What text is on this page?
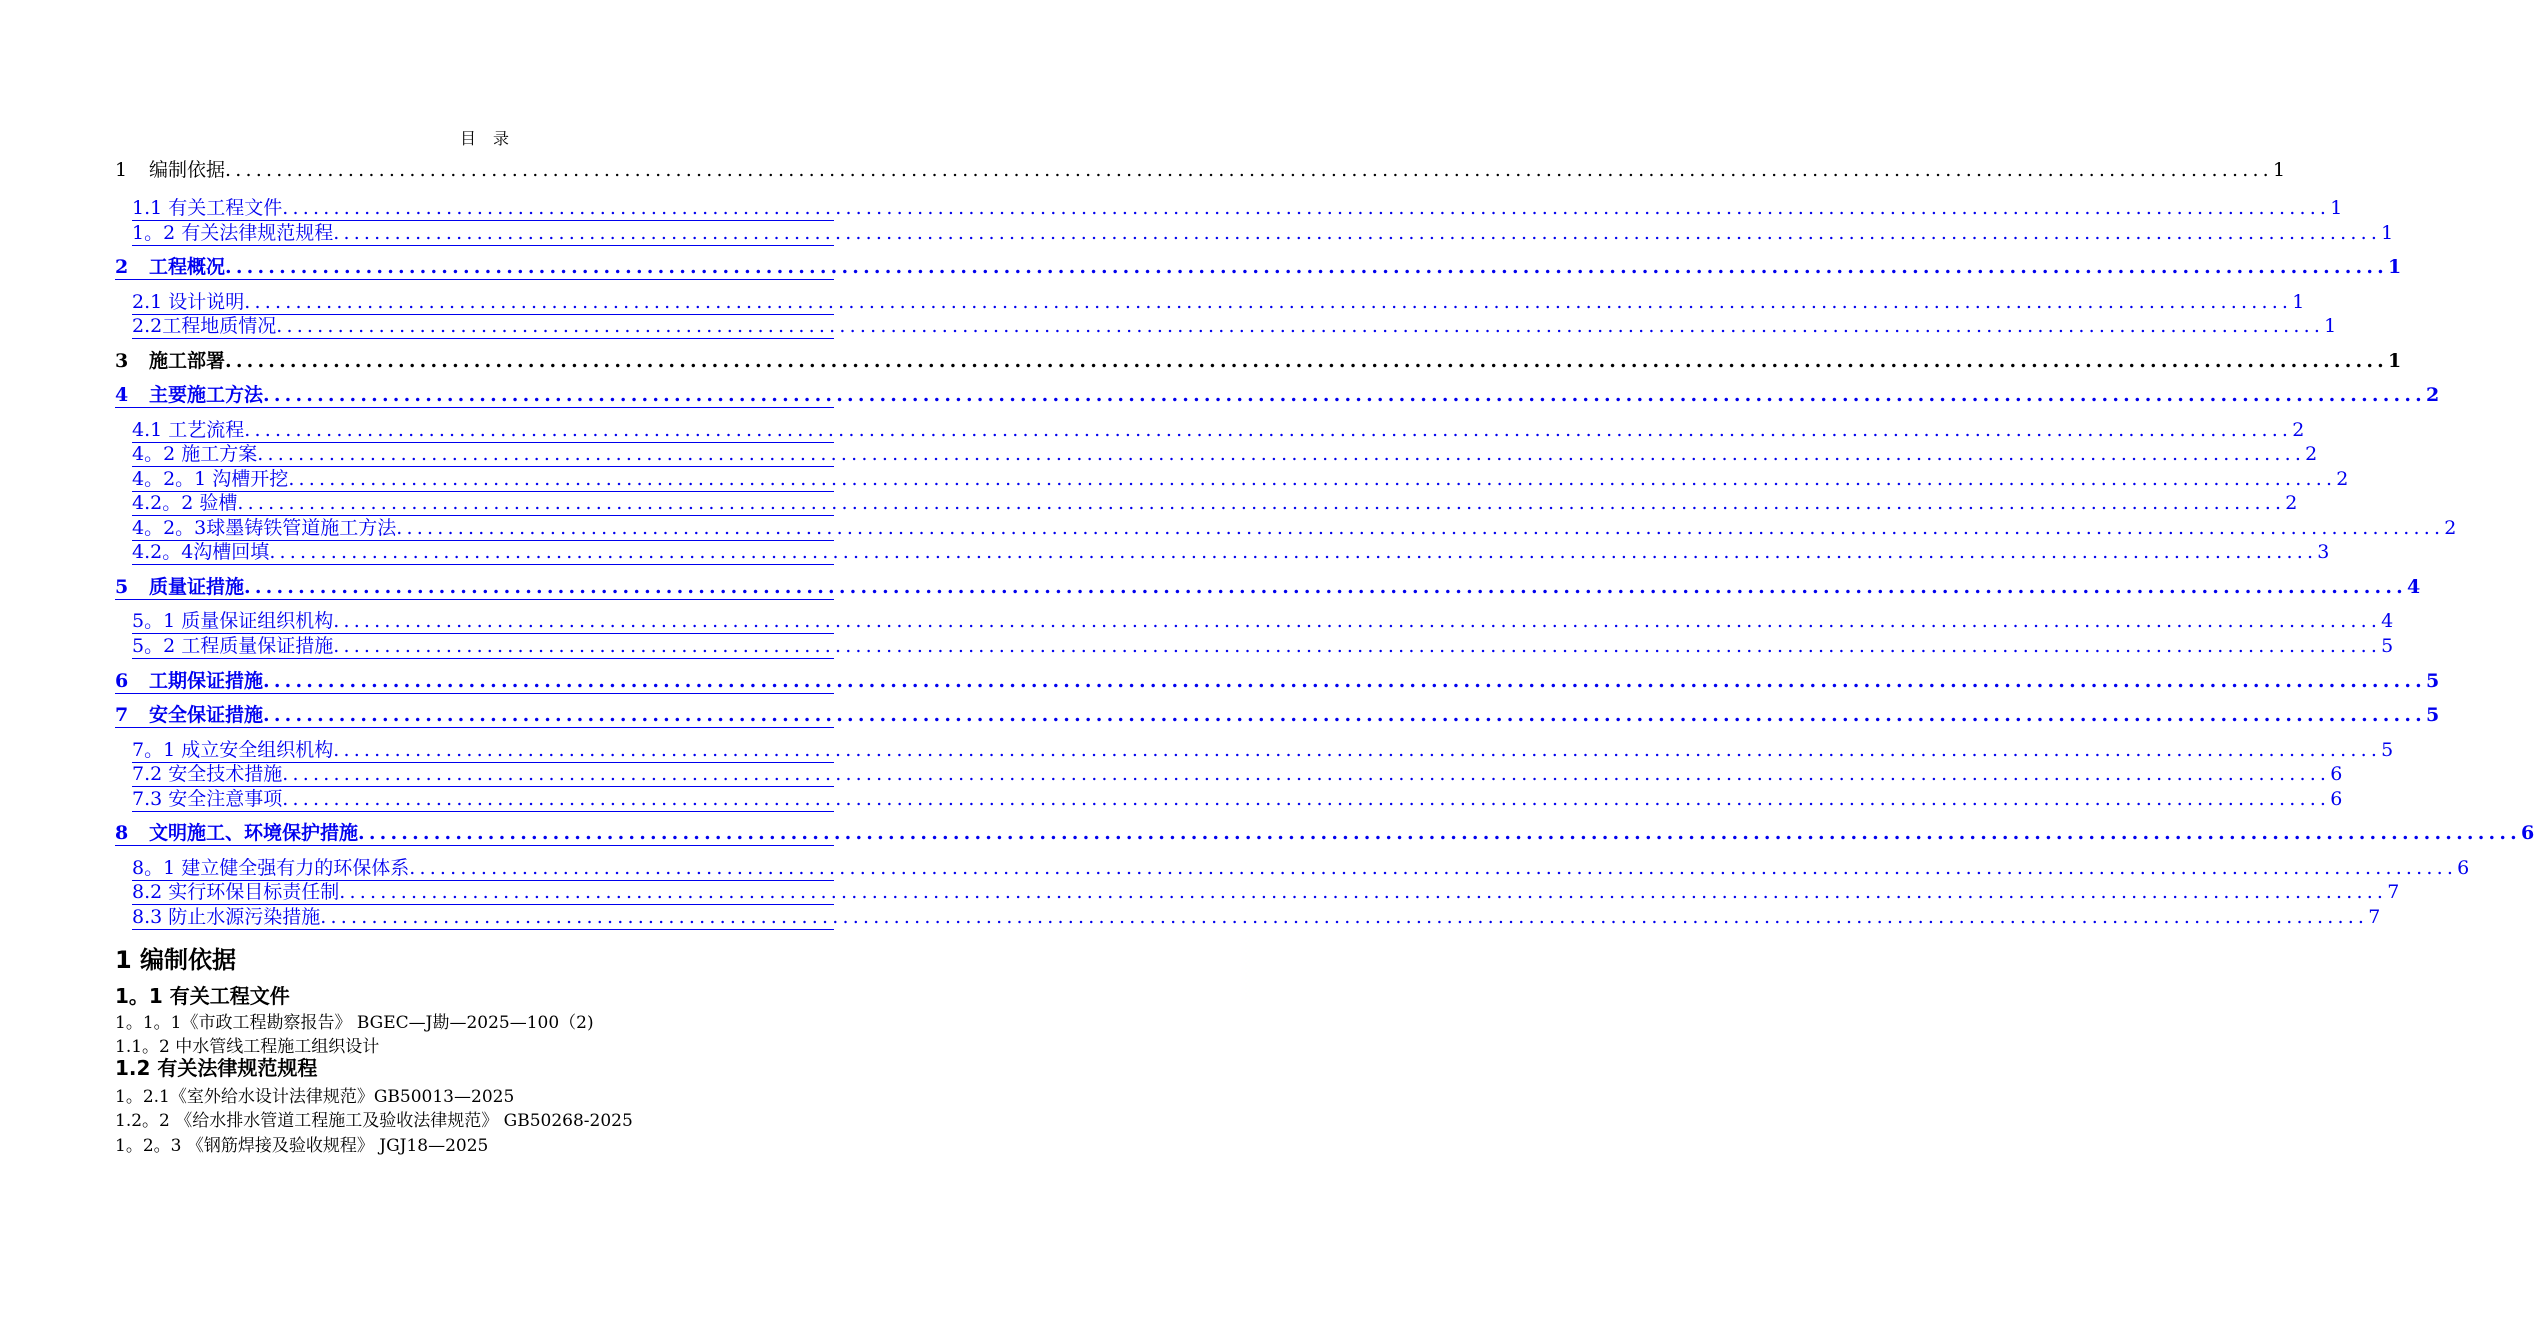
目 录
1 编制依据 ........................................................................................................................................................................................................ 1
1.1 有关工程文件 ........................................................................................................................................................................................................ 1
1。2 有关法律规范规程 ........................................................................................................................................................................................................ 1
2 工程概况 ........................................................................................................................................................................................................ 1
2.1 设计说明 ........................................................................................................................................................................................................ 1
2.2工程地质情况 ........................................................................................................................................................................................................ 1
3 施工部署 ........................................................................................................................................................................................................ 1
4 主要施工方法 ........................................................................................................................................................................................................ 2
4.1 工艺流程 ........................................................................................................................................................................................................ 2
4。2 施工方案 ........................................................................................................................................................................................................ 2
4。2。1 沟槽开挖 ........................................................................................................................................................................................................ 2
4.2。2 验槽 ........................................................................................................................................................................................................ 2
4。2。3球墨铸铁管道施工方法 ........................................................................................................................................................................................................ 2
4.2。4沟槽回填 ........................................................................................................................................................................................................ 3
5 质量证措施 ........................................................................................................................................................................................................ 4
5。1 质量保证组织机构 ........................................................................................................................................................................................................ 4
5。2 工程质量保证措施 ........................................................................................................................................................................................................ 5
6 工期保证措施 ........................................................................................................................................................................................................ 5
7 安全保证措施 ........................................................................................................................................................................................................ 5
7。1 成立安全组织机构 ........................................................................................................................................................................................................ 5
7.2 安全技术措施 ........................................................................................................................................................................................................ 6
7.3 安全注意事项 ........................................................................................................................................................................................................ 6
8 文明施工、环境保护措施 ........................................................................................................................................................................................................ 6
8。1 建立健全强有力的环保体系 ........................................................................................................................................................................................................ 6
8.2 实行环保目标责任制 ........................................................................................................................................................................................................ 7
8.3 防止水源污染措施 ........................................................................................................................................................................................................ 7
1 编制依据
1。1 有关工程文件
1。1。1《市政工程勘察报告》 BGEC—J勘—2025—100（2)
1.1。2 中水管线工程施工组织设计
1.2 有关法律规范规程
1。2.1《室外给水设计法律规范》GB50013—2025
1.2。2 《给水排水管道工程施工及验收法律规范》 GB50268-2025
1。2。3 《钢筋焊接及验收规程》 JGJ18—2025
